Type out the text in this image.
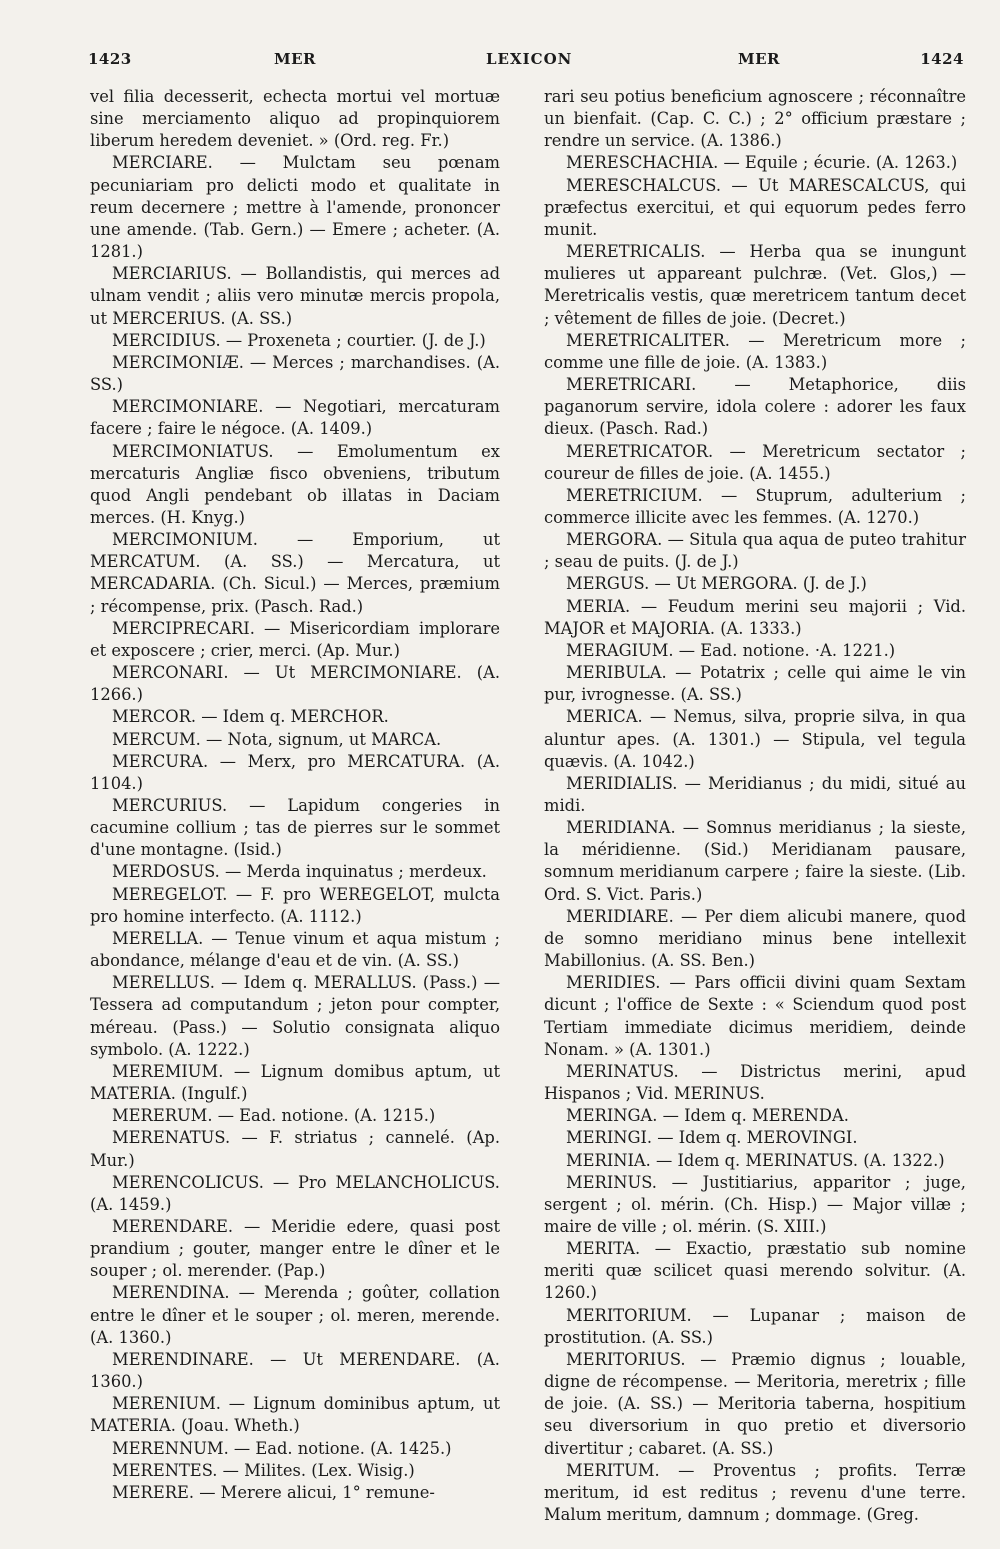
1423	MER	LEXICON	MER	1424

vel filia decesserit, echecta mortui vel mortuæ sine merciamento aliquo ad propinquiorem liberum heredem deveniet. » (Ord. reg. Fr.)

MERCIARE. — Mulctam seu pœnam pecuniariam pro delicti modo et qualitate in reum decernere ; mettre à l'amende, prononcer une amende. (Tab. Gern.) — Emere ; acheter. (A. 1281.)

MERCIARIUS. — Bollandistis, qui merces ad ulnam vendit ; aliis vero minutæ mercis propola, ut MERCERIUS. (A. SS.)

MERCIDIUS. — Proxeneta ; courtier. (J. de J.)

MERCIMONIÆ. — Merces ; marchandises. (A. SS.)

MERCIMONIARE. — Negotiari, mercaturam facere ; faire le négoce. (A. 1409.)

MERCIMONIATUS. — Emolumentum ex mercaturis Angliæ fisco obveniens, tributum quod Angli pendebant ob illatas in Daciam merces. (H. Knyg.)

MERCIMONIUM. — Emporium, ut MERCATUM. (A. SS.) — Mercatura, ut MERCADARIA. (Ch. Sicul.) — Merces, præmium ; récompense, prix. (Pasch. Rad.)

MERCIPRECARI. — Misericordiam implorare et exposcere ; crier, merci. (Ap. Mur.)

MERCONARI. — Ut MERCIMONIARE. (A. 1266.)

MERCOR. — Idem q. MERCHOR.

MERCUM. — Nota, signum, ut MARCA.

MERCURA. — Merx, pro MERCATURA. (A. 1104.)

MERCURIUS. — Lapidum congeries in cacumine collium ; tas de pierres sur le sommet d'une montagne. (Isid.)

MERDOSUS. — Merda inquinatus ; merdeux.

MEREGELOT. — F. pro WEREGELOT, mulcta pro homine interfecto. (A. 1112.)

MERELLA. — Tenue vinum et aqua mistum ; abondance, mélange d'eau et de vin. (A. SS.)

MERELLUS. — Idem q. MERALLUS. (Pass.) — Tessera ad computandum ; jeton pour compter, méreau. (Pass.) — Solutio consignata aliquo symbolo. (A. 1222.)

MEREMIUM. — Lignum domibus aptum, ut MATERIA. (Ingulf.)

MERERUM. — Ead. notione. (A. 1215.)

MERENATUS. — F. striatus ; cannelé. (Ap. Mur.)

MERENCOLICUS. — Pro MELANCHOLICUS. (A. 1459.)

MERENDARE. — Meridie edere, quasi post prandium ; gouter, manger entre le dîner et le souper ; ol. merender. (Pap.)

MERENDINA. — Merenda ; goûter, collation entre le dîner et le souper ; ol. meren, merende. (A. 1360.)

MERENDINARE. — Ut MERENDARE. (A. 1360.)

MERENIUM. — Lignum dominibus aptum, ut MATERIA. (Joau. Wheth.)

MERENNUM. — Ead. notione. (A. 1425.)

MERENTES. — Milites. (Lex. Wisig.)

MERERE. — Merere alicui, 1° remune-

rari seu potius beneficium agnoscere ; réconnaître un bienfait. (Cap. C. C.) ; 2° officium præstare ; rendre un service. (A. 1386.)

MERESCHACHIA. — Equile ; écurie. (A. 1263.)

MERESCHALCUS. — Ut MARESCALCUS, qui præfectus exercitui, et qui equorum pedes ferro munit.

MERETRICALIS. — Herba qua se inungunt mulieres ut appareant pulchræ. (Vet. Glos,) — Meretricalis vestis, quæ meretricem tantum decet ; vêtement de filles de joie. (Decret.)

MERETRICALITER. — Meretricum more ; comme une fille de joie. (A. 1383.)

MERETRICARI. — Metaphorice, diis paganorum servire, idola colere : adorer les faux dieux. (Pasch. Rad.)

MERETRICATOR. — Meretricum sectator ; coureur de filles de joie. (A. 1455.)

MERETRICIUM. — Stuprum, adulterium ; commerce illicite avec les femmes. (A. 1270.)

MERGORA. — Situla qua aqua de puteo trahitur ; seau de puits. (J. de J.)

MERGUS. — Ut MERGORA. (J. de J.)

MERIA. — Feudum merini seu majorii ; Vid. MAJOR et MAJORIA. (A. 1333.)

MERAGIUM. — Ead. notione. ·A. 1221.)

MERIBULA. — Potatrix ; celle qui aime le vin pur, ivrognesse. (A. SS.)

MERICA. — Nemus, silva, proprie silva, in qua aluntur apes. (A. 1301.) — Stipula, vel tegula quævis. (A. 1042.)

MERIDIALIS. — Meridianus ; du midi, situé au midi.

MERIDIANA. — Somnus meridianus ; la sieste, la méridienne. (Sid.) Meridianam pausare, somnum meridianum carpere ; faire la sieste. (Lib. Ord. S. Vict. Paris.)

MERIDIARE. — Per diem alicubi manere, quod de somno meridiano minus bene intellexit Mabillonius. (A. SS. Ben.)

MERIDIES. — Pars officii divini quam Sextam dicunt ; l'office de Sexte : « Sciendum quod post Tertiam immediate dicimus meridiem, deinde Nonam. » (A. 1301.)

MERINATUS. — Districtus merini, apud Hispanos ; Vid. MERINUS.

MERINGA. — Idem q. MERENDA.

MERINGI. — Idem q. MEROVINGI.

MERINIA. — Idem q. MERINATUS. (A. 1322.)

MERINUS. — Justitiarius, apparitor ; juge, sergent ; ol. mérin. (Ch. Hisp.) — Major villæ ; maire de ville ; ol. mérin. (S. XIII.)

MERITA. — Exactio, præstatio sub nomine meriti quæ scilicet quasi merendo solvitur. (A. 1260.)

MERITORIUM. — Lupanar ; maison de prostitution. (A. SS.)

MERITORIUS. — Præmio dignus ; louable, digne de récompense. — Meritoria, meretrix ; fille de joie. (A. SS.) — Meritoria taberna, hospitium seu diversorium in quo pretio et diversorio divertitur ; cabaret. (A. SS.)

MERITUM. — Proventus ; profits. Terræ meritum, id est reditus ; revenu d'une terre. Malum meritum, damnum ; dommage. (Greg.
